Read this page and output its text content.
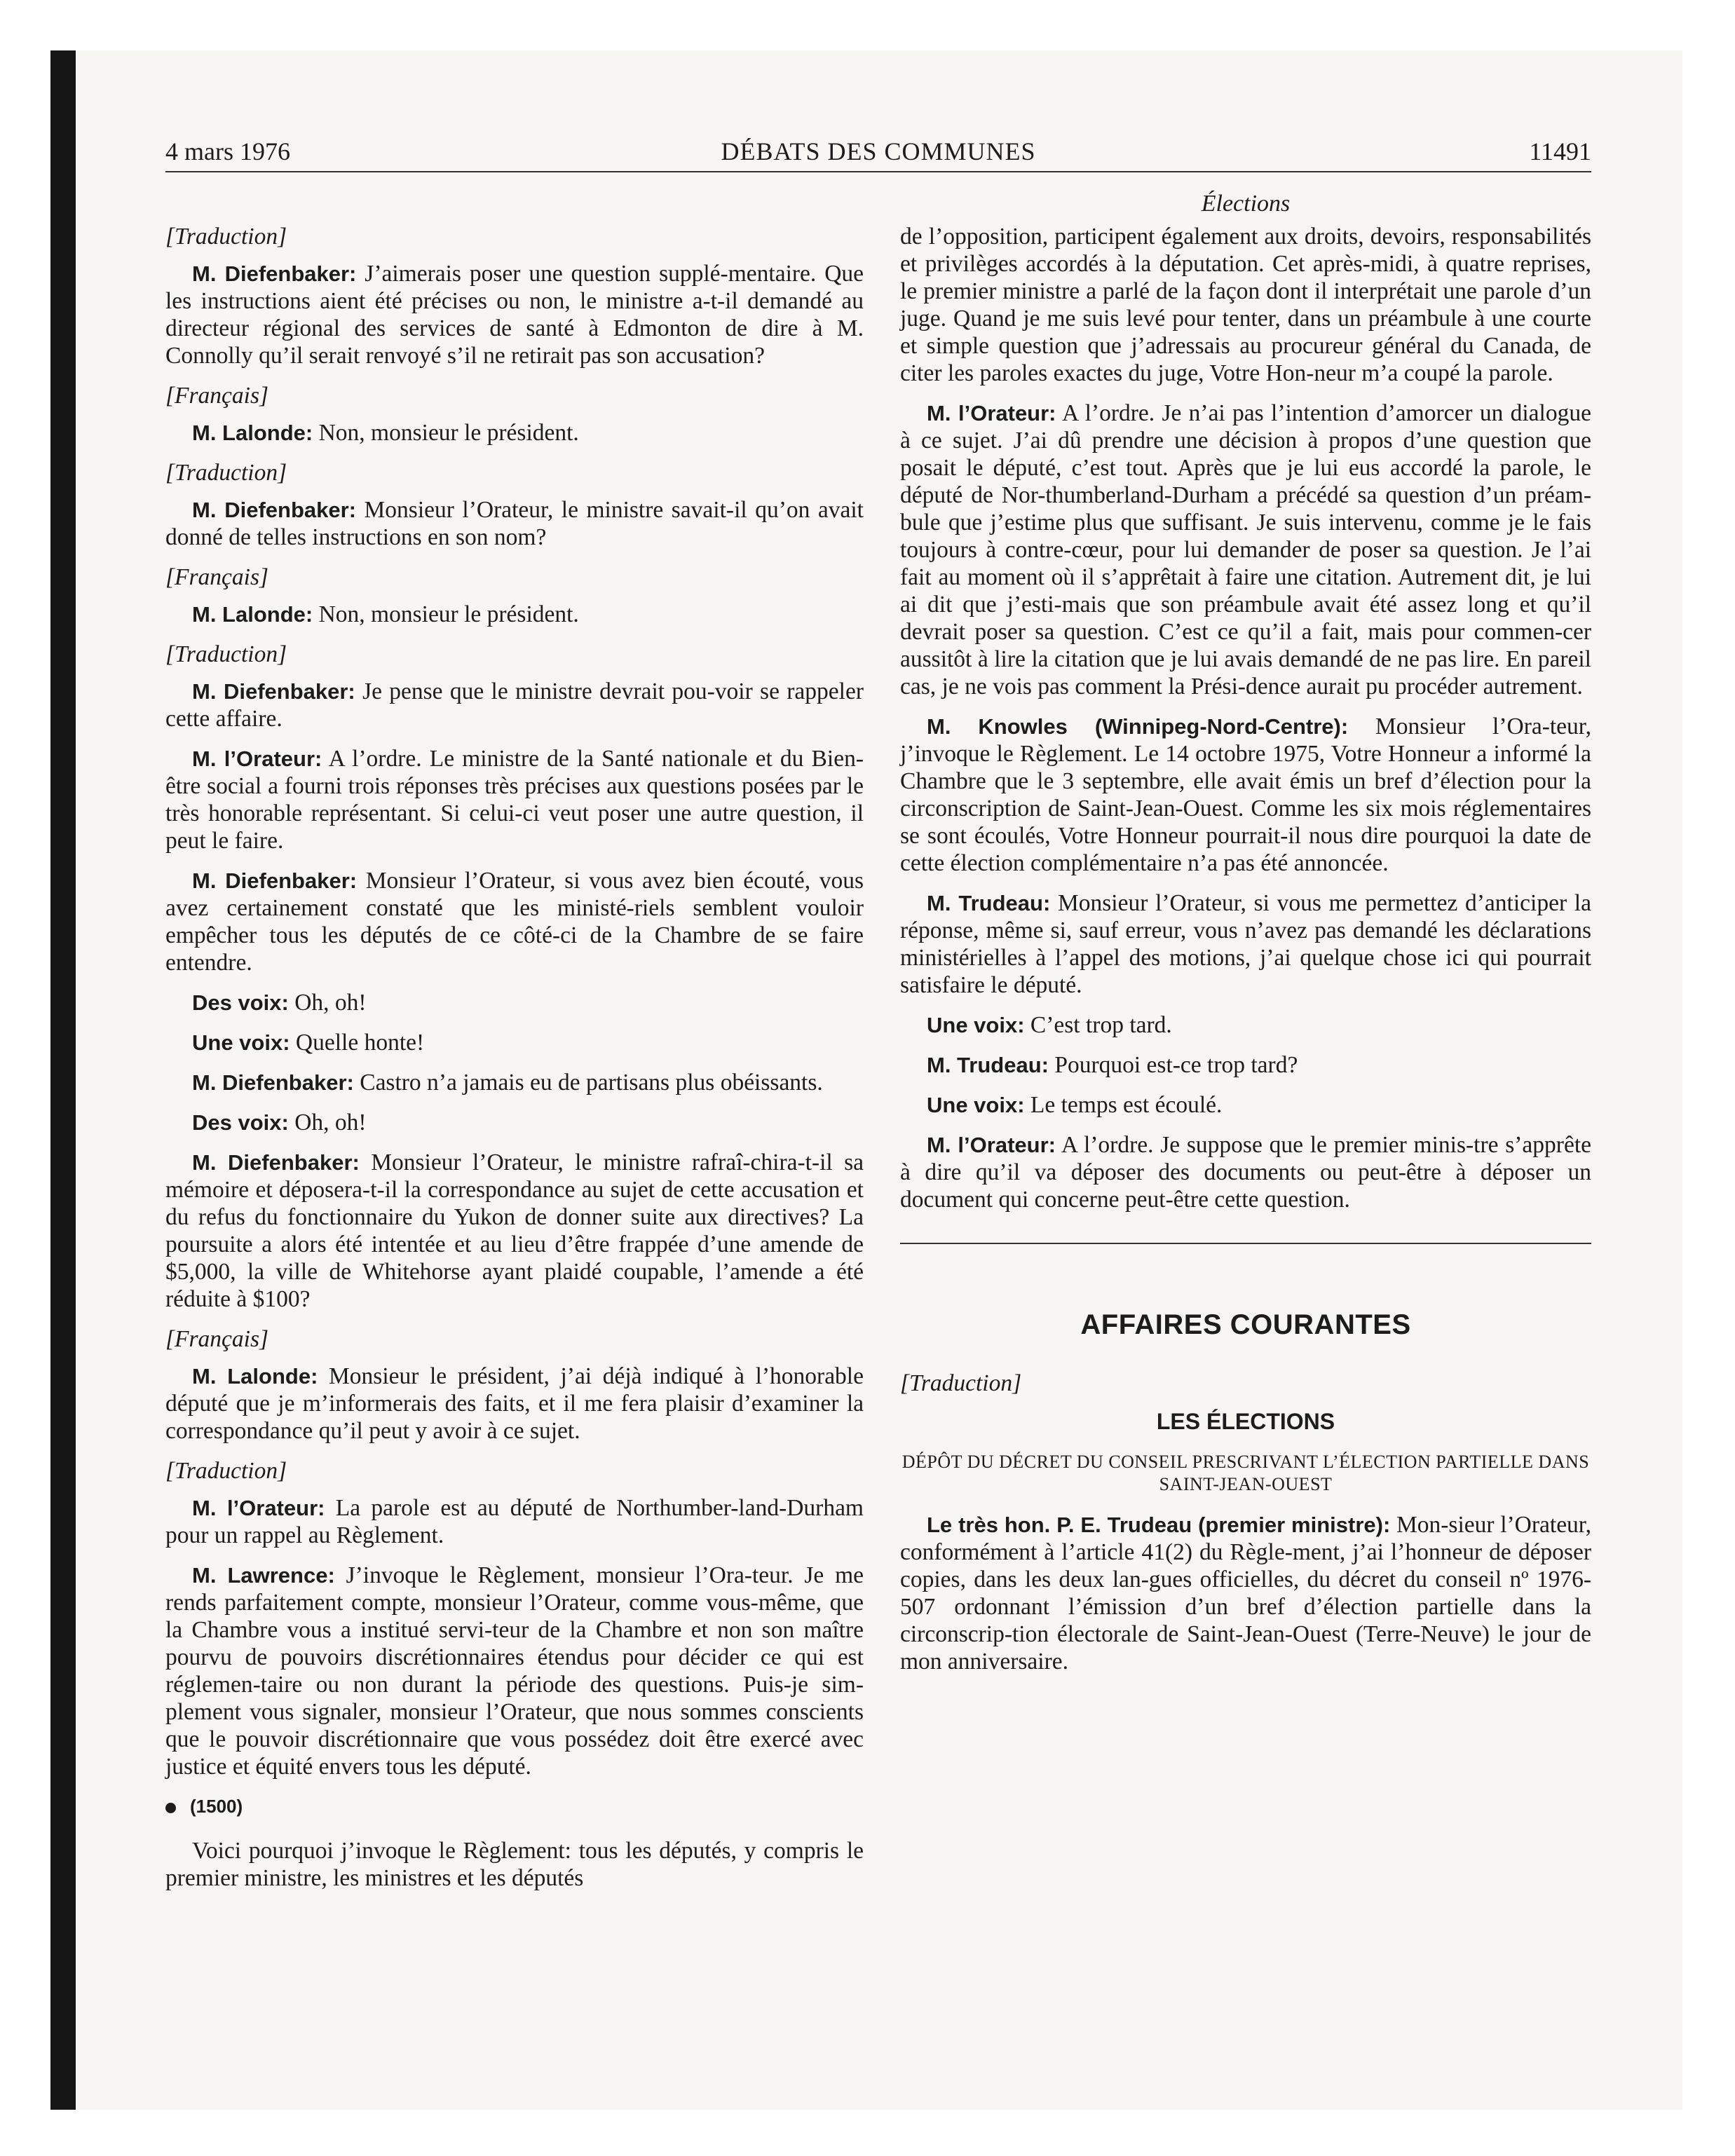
4 mars 1976	DÉBATS DES COMMUNES	11491
Élections
[Traduction]

M. Diefenbaker: J’aimerais poser une question supplé-mentaire. Que les instructions aient été précises ou non, le ministre a-t-il demandé au directeur régional des services de santé à Edmonton de dire à M. Connolly qu’il serait renvoyé s’il ne retirait pas son accusation?

[Français]

M. Lalonde: Non, monsieur le président.

[Traduction]

M. Diefenbaker: Monsieur l’Orateur, le ministre savait-il qu’on avait donné de telles instructions en son nom?

[Français]

M. Lalonde: Non, monsieur le président.

[Traduction]

M. Diefenbaker: Je pense que le ministre devrait pou-voir se rappeler cette affaire.

M. l’Orateur: A l’ordre. Le ministre de la Santé nationale et du Bien-être social a fourni trois réponses très précises aux questions posées par le très honorable représentant. Si celui-ci veut poser une autre question, il peut le faire.

M. Diefenbaker: Monsieur l’Orateur, si vous avez bien écouté, vous avez certainement constaté que les ministé-riels semblent vouloir empêcher tous les députés de ce côté-ci de la Chambre de se faire entendre.

Des voix: Oh, oh!

Une voix: Quelle honte!

M. Diefenbaker: Castro n’a jamais eu de partisans plus obéissants.

Des voix: Oh, oh!

M. Diefenbaker: Monsieur l’Orateur, le ministre rafraî-chira-t-il sa mémoire et déposera-t-il la correspondance au sujet de cette accusation et du refus du fonctionnaire du Yukon de donner suite aux directives? La poursuite a alors été intentée et au lieu d’être frappée d’une amende de $5,000, la ville de Whitehorse ayant plaidé coupable, l’amende a été réduite à $100?

[Français]

M. Lalonde: Monsieur le président, j’ai déjà indiqué à l’honorable député que je m’informerais des faits, et il me fera plaisir d’examiner la correspondance qu’il peut y avoir à ce sujet.

[Traduction]

M. l’Orateur: La parole est au député de Northumber-land-Durham pour un rappel au Règlement.

M. Lawrence: J’invoque le Règlement, monsieur l’Ora-teur. Je me rends parfaitement compte, monsieur l’Orateur, comme vous-même, que la Chambre vous a institué servi-teur de la Chambre et non son maître pourvu de pouvoirs discrétionnaires étendus pour décider ce qui est réglemen-taire ou non durant la période des questions. Puis-je sim-plement vous signaler, monsieur l’Orateur, que nous sommes conscients que le pouvoir discrétionnaire que vous possédez doit être exercé avec justice et équité envers tous les député.

(1500)

Voici pourquoi j’invoque le Règlement: tous les députés, y compris le premier ministre, les ministres et les députés

de l’opposition, participent également aux droits, devoirs, responsabilités et privilèges accordés à la députation. Cet après-midi, à quatre reprises, le premier ministre a parlé de la façon dont il interprétait une parole d’un juge. Quand je me suis levé pour tenter, dans un préambule à une courte et simple question que j’adressais au procureur général du Canada, de citer les paroles exactes du juge, Votre Hon-neur m’a coupé la parole.

M. l’Orateur: A l’ordre. Je n’ai pas l’intention d’amorcer un dialogue à ce sujet. J’ai dû prendre une décision à propos d’une question que posait le député, c’est tout. Après que je lui eus accordé la parole, le député de Nor-thumberland-Durham a précédé sa question d’un préam-bule que j’estime plus que suffisant. Je suis intervenu, comme je le fais toujours à contre-cœur, pour lui demander de poser sa question. Je l’ai fait au moment où il s’apprêtait à faire une citation. Autrement dit, je lui ai dit que j’esti-mais que son préambule avait été assez long et qu’il devrait poser sa question. C’est ce qu’il a fait, mais pour commen-cer aussitôt à lire la citation que je lui avais demandé de ne pas lire. En pareil cas, je ne vois pas comment la Prési-dence aurait pu procéder autrement.

M. Knowles (Winnipeg-Nord-Centre): Monsieur l’Ora-teur, j’invoque le Règlement. Le 14 octobre 1975, Votre Honneur a informé la Chambre que le 3 septembre, elle avait émis un bref d’élection pour la circonscription de Saint-Jean-Ouest. Comme les six mois réglementaires se sont écoulés, Votre Honneur pourrait-il nous dire pourquoi la date de cette élection complémentaire n’a pas été annoncée.

M. Trudeau: Monsieur l’Orateur, si vous me permettez d’anticiper la réponse, même si, sauf erreur, vous n’avez pas demandé les déclarations ministérielles à l’appel des motions, j’ai quelque chose ici qui pourrait satisfaire le député.

Une voix: C’est trop tard.

M. Trudeau: Pourquoi est-ce trop tard?

Une voix: Le temps est écoulé.

M. l’Orateur: A l’ordre. Je suppose que le premier minis-tre s’apprête à dire qu’il va déposer des documents ou peut-être à déposer un document qui concerne peut-être cette question.

AFFAIRES COURANTES
[Traduction]
LES ÉLECTIONS
DÉPÔT DU DÉCRET DU CONSEIL PRESCRIVANT L’ÉLECTION PARTIELLE DANS SAINT-JEAN-OUEST

Le très hon. P. E. Trudeau (premier ministre): Mon-sieur l’Orateur, conformément à l’article 41(2) du Règle-ment, j’ai l’honneur de déposer copies, dans les deux lan-gues officielles, du décret du conseil nº 1976-507 ordonnant l’émission d’un bref d’élection partielle dans la circonscrip-tion électorale de Saint-Jean-Ouest (Terre-Neuve) le jour de mon anniversaire.
